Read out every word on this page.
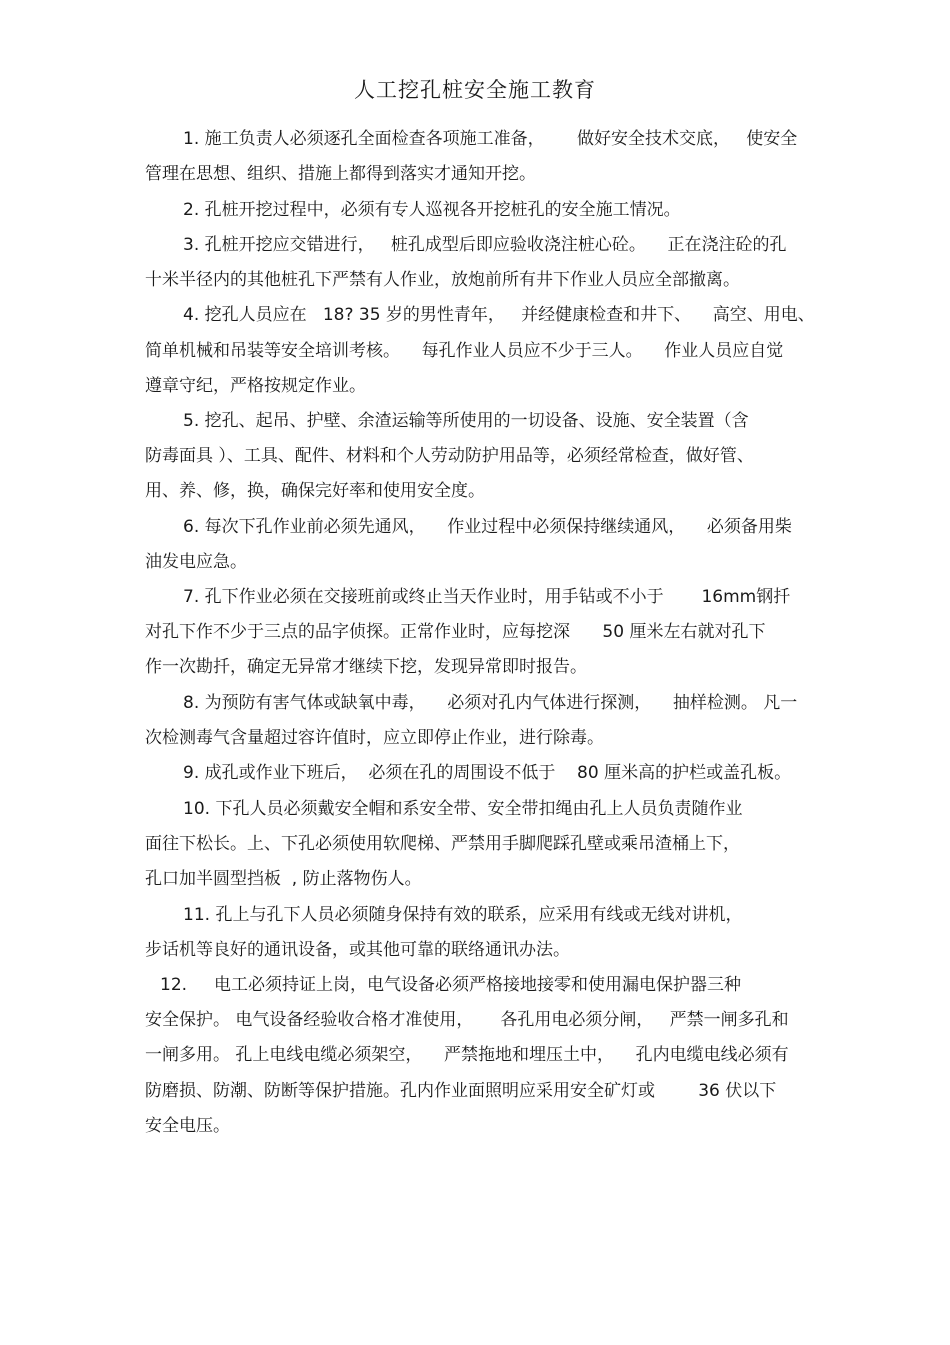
人工挖孔桩安全施工教育
1. 施工负责人必须逐孔全面检查各项施工准备，      做好安全技术交底，   使安全
管理在思想、组织、措施上都得到落实才通知开挖。
2. 孔桩开挖过程中，必须有专人巡视各开挖桩孔的安全施工情况。
3. 孔桩开挖应交错进行，   桩孔成型后即应验收浇注桩心砼。    正在浇注砼的孔
十米半径内的其他桩孔下严禁有人作业，放炮前所有井下作业人员应全部撤离。
4. 挖孔人员应在   18? 35 岁的男性青年，   并经健康检查和井下、    高空、用电、
简单机械和吊装等安全培训考核。    每孔作业人员应不少于三人。    作业人员应自觉
遵章守纪，严格按规定作业。
5. 挖孔、起吊、护壁、余渣运输等所使用的一切设备、设施、安全装置（含
防毒面具 ）、工具、配件、材料和个人劳动防护用品等，必须经常检查，做好管、
用、养、修，换，确保完好率和使用安全度。
6. 每次下孔作业前必须先通风，    作业过程中必须保持继续通风，    必须备用柴
油发电应急。
7. 孔下作业必须在交接班前或终止当天作业时，用手钻或不小于       16mm钢扦
对孔下作不少于三点的品字侦探。正常作业时，应每挖深      50 厘米左右就对孔下
作一次勘扦，确定无异常才继续下挖，发现异常即时报告。
8. 为预防有害气体或缺氧中毒，    必须对孔内气体进行探测，    抽样检测。 凡一
次检测毒气含量超过容许值时，应立即停止作业，进行除毒。
9. 成孔或作业下班后，  必须在孔的周围设不低于    80 厘米高的护栏或盖孔板。
10. 下孔人员必须戴安全帽和系安全带、安全带扣绳由孔上人员负责随作业
面往下松长。上、下孔必须使用软爬梯、严禁用手脚爬踩孔壁或乘吊渣桶上下，
孔口加半圆型挡板  , 防止落物伤人。
11. 孔上与孔下人员必须随身保持有效的联系，应采用有线或无线对讲机，
步话机等良好的通讯设备，或其他可靠的联络通讯办法。
12.     电工必须持证上岗，电气设备必须严格接地接零和使用漏电保护器三种
安全保护。 电气设备经验收合格才准使用，     各孔用电必须分闸，   严禁一闸多孔和
一闸多用。 孔上电线电缆必须架空，    严禁拖地和埋压土中，    孔内电缆电线必须有
防磨损、防潮、防断等保护措施。孔内作业面照明应采用安全矿灯或        36 伏以下
安全电压。
